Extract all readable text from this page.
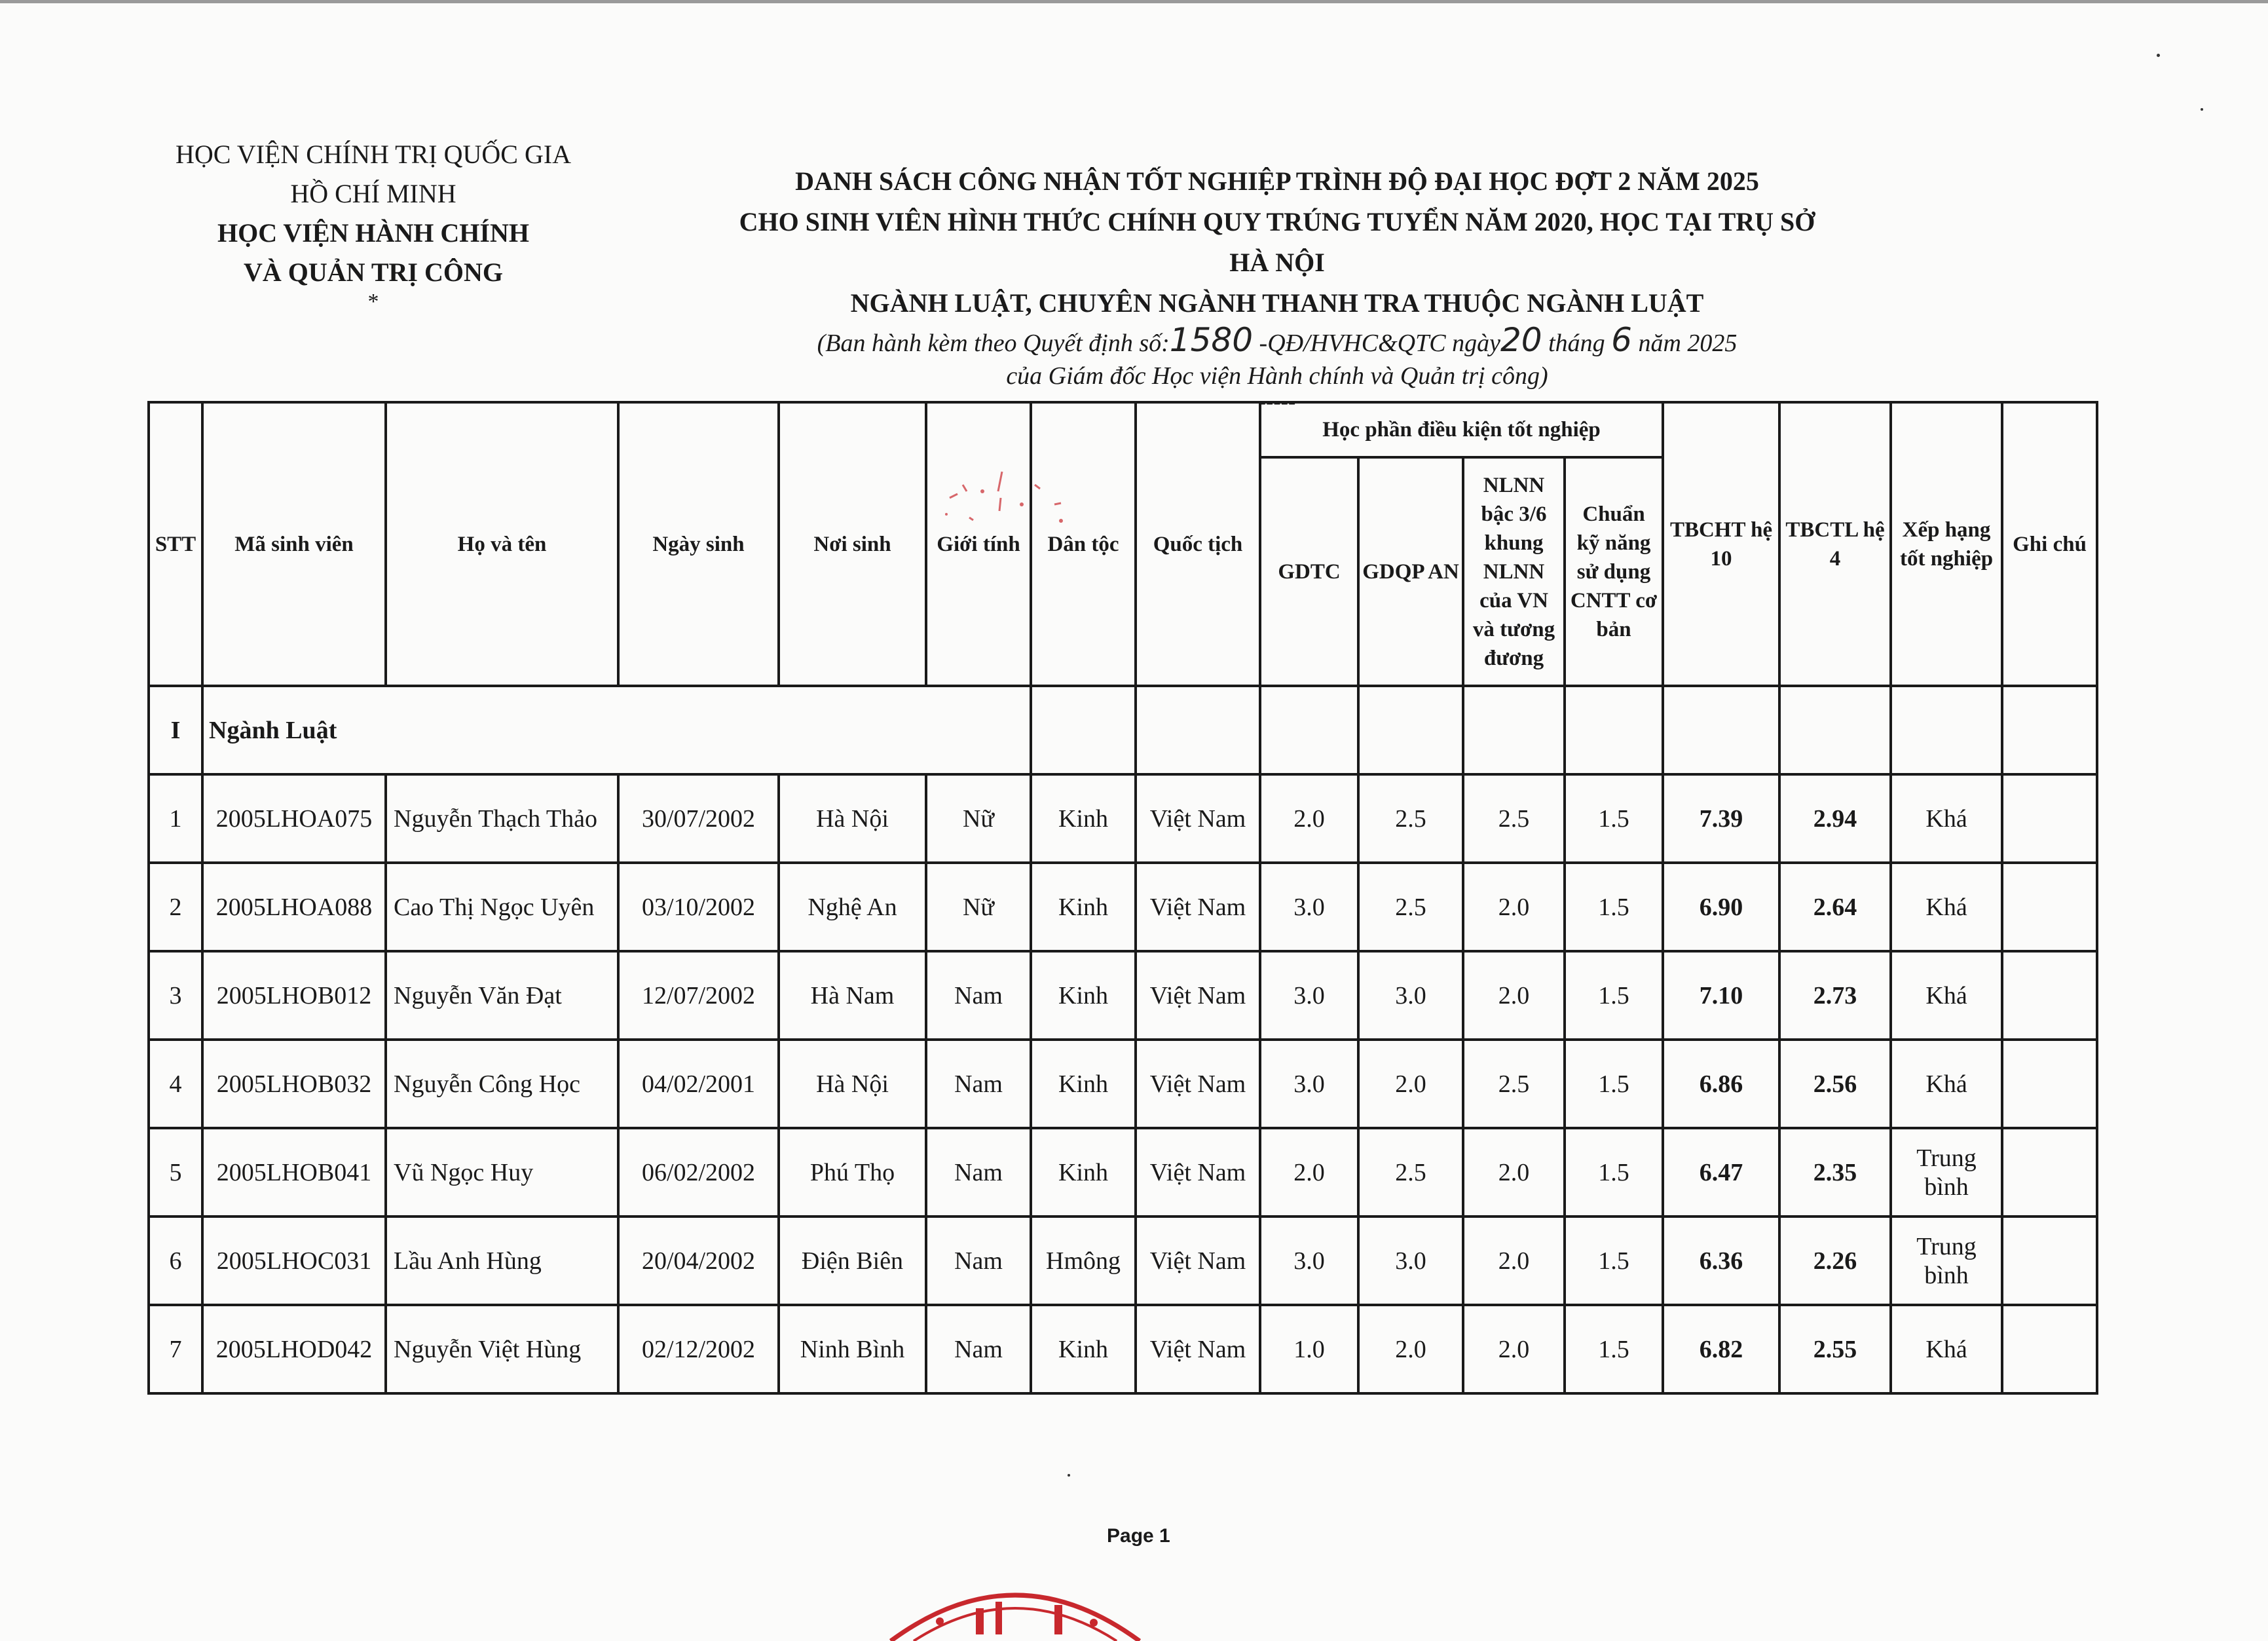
HỌC VIỆN CHÍNH TRỊ QUỐC GIA
HỒ CHÍ MINH
HỌC VIỆN HÀNH CHÍNH
VÀ QUẢN TRỊ CÔNG
*
DANH SÁCH CÔNG NHẬN TỐT NGHIỆP TRÌNH ĐỘ ĐẠI HỌC ĐỢT 2 NĂM 2025
CHO SINH VIÊN HÌNH THỨC CHÍNH QUY TRÚNG TUYỂN NĂM 2020, HỌC TẠI TRỤ SỞ HÀ NỘI
NGÀNH LUẬT, CHUYÊN NGÀNH THANH TRA THUỘC NGÀNH LUẬT
(Ban hành kèm theo Quyết định số:1580 -QĐ/HVHC&QTC ngày20 tháng 6 năm 2025
của Giám đốc Học viện Hành chính và Quản trị công)
-----
STT	Mã sinh viên	Họ và tên	Ngày sinh	Nơi sinh	Giới tính	Dân tộc	Quốc tịch	Học phần điều kiện tốt nghiệp				TBCHT hệ 10	TBCTL hệ 4	Xếp hạng tốt nghiệp	Ghi chú
								GDTC	GDQP AN	NLNN bậc 3/6 khung NLNN của VN và tương đương	Chuẩn kỹ năng sử dụng CNTT cơ bản				
I	Ngành Luật														
1	2005LHOA075	Nguyễn Thạch Thảo	30/07/2002	Hà Nội	Nữ	Kinh	Việt Nam	2.0	2.5	2.5	1.5	7.39	2.94	Khá	
2	2005LHOA088	Cao Thị Ngọc Uyên	03/10/2002	Nghệ An	Nữ	Kinh	Việt Nam	3.0	2.5	2.0	1.5	6.90	2.64	Khá	
3	2005LHOB012	Nguyễn Văn Đạt	12/07/2002	Hà Nam	Nam	Kinh	Việt Nam	3.0	3.0	2.0	1.5	7.10	2.73	Khá	
4	2005LHOB032	Nguyễn Công Học	04/02/2001	Hà Nội	Nam	Kinh	Việt Nam	3.0	2.0	2.5	1.5	6.86	2.56	Khá	
5	2005LHOB041	Vũ Ngọc Huy	06/02/2002	Phú Thọ	Nam	Kinh	Việt Nam	2.0	2.5	2.0	1.5	6.47	2.35	Trung bình	
6	2005LHOC031	Lầu Anh Hùng	20/04/2002	Điện Biên	Nam	Hmông	Việt Nam	3.0	3.0	2.0	1.5	6.36	2.26	Trung bình	
7	2005LHOD042	Nguyễn Việt Hùng	02/12/2002	Ninh Bình	Nam	Kinh	Việt Nam	1.0	2.0	2.0	1.5	6.82	2.55	Khá	
Page 1
